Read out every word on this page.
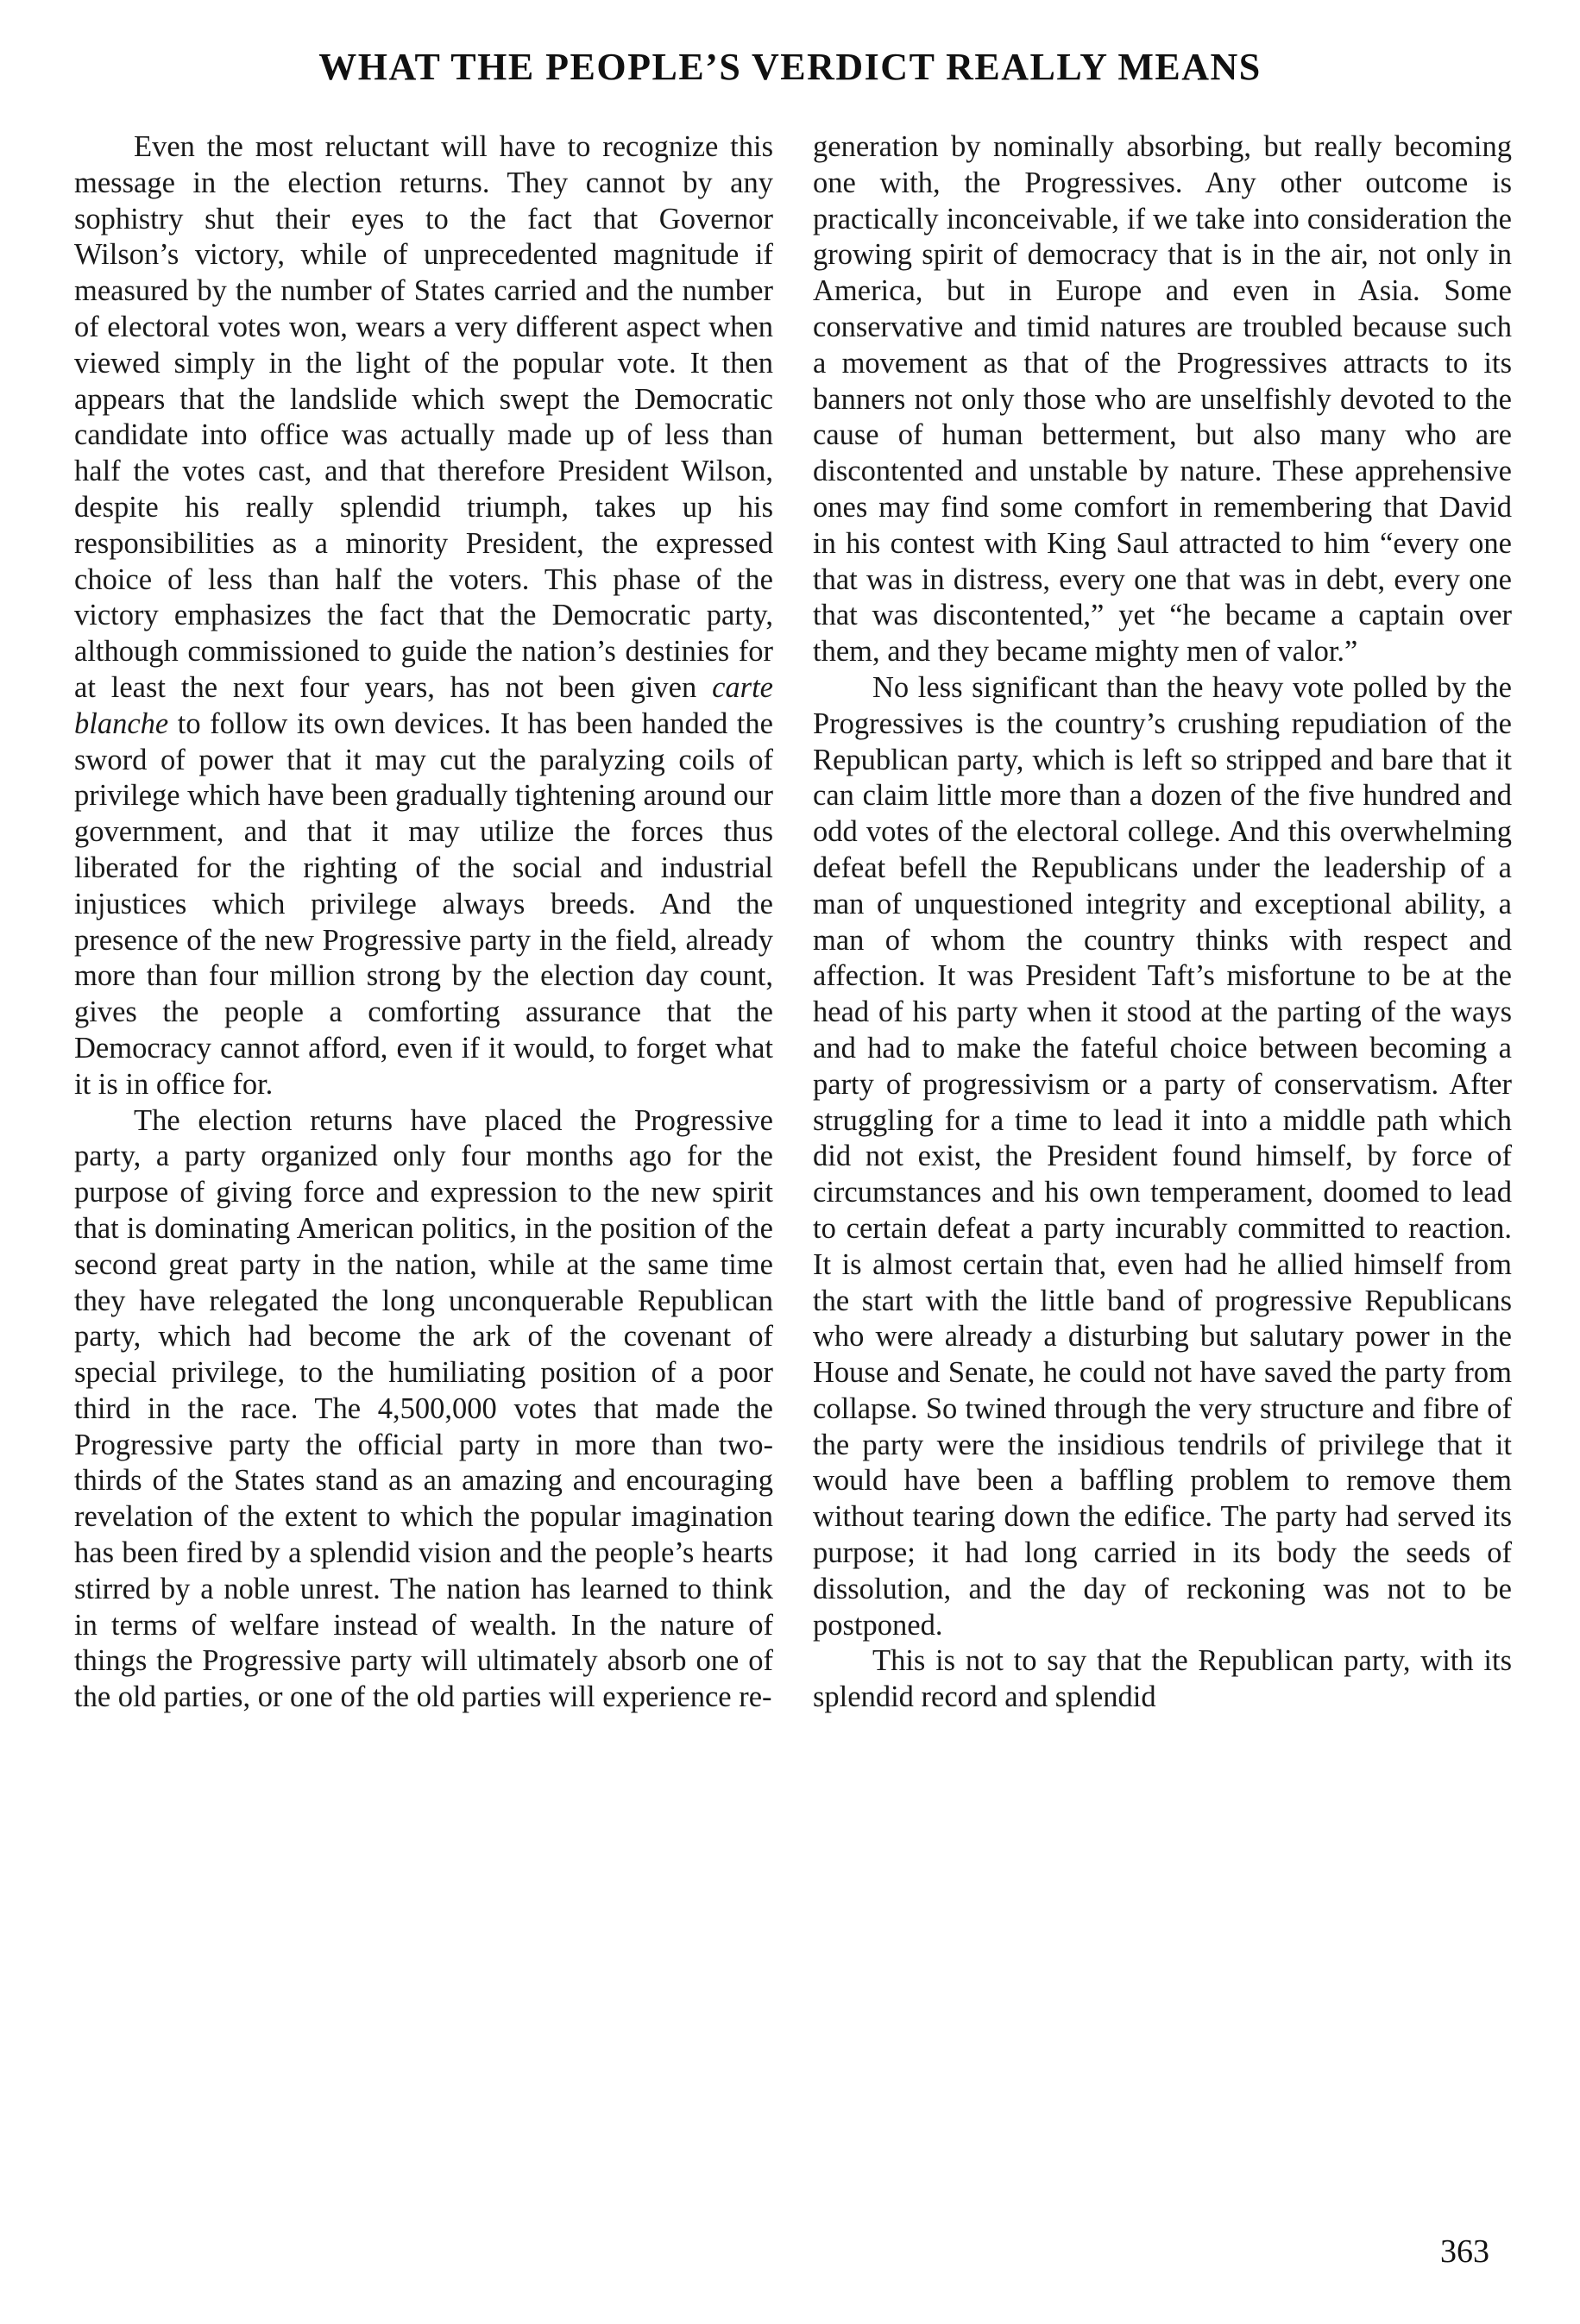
WHAT THE PEOPLE’S VERDICT REALLY MEANS

Even the most reluctant will have to recognize this message in the election returns. They cannot by any sophistry shut their eyes to the fact that Governor Wilson’s victory, while of unprecedented magnitude if measured by the number of States carried and the number of electoral votes won, wears a very different aspect when viewed simply in the light of the popular vote. It then appears that the landslide which swept the Democratic candidate into office was actually made up of less than half the votes cast, and that therefore President Wilson, despite his really splendid triumph, takes up his responsibilities as a minority President, the expressed choice of less than half the voters. This phase of the victory emphasizes the fact that the Democratic party, although commissioned to guide the nation’s destinies for at least the next four years, has not been given carte blanche to follow its own devices. It has been handed the sword of power that it may cut the paralyzing coils of privilege which have been gradually tightening around our government, and that it may utilize the forces thus liberated for the righting of the social and industrial injustices which privilege always breeds. And the presence of the new Progressive party in the field, already more than four million strong by the election day count, gives the people a comforting assurance that the Democracy cannot afford, even if it would, to forget what it is in office for.

The election returns have placed the Progressive party, a party organized only four months ago for the purpose of giving force and expression to the new spirit that is dominating American politics, in the position of the second great party in the nation, while at the same time they have relegated the long unconquerable Republican party, which had become the ark of the covenant of special privilege, to the humiliating position of a poor third in the race. The 4,500,000 votes that made the Progressive party the official party in more than two-thirds of the States stand as an amazing and encouraging revelation of the extent to which the popular imagination has been fired by a splendid vision and the people’s hearts stirred by a noble unrest. The nation has learned to think in terms of welfare instead of wealth. In the nature of things the Progressive party will ultimately absorb one of the old parties, or one of the old parties will experience re-

generation by nominally absorbing, but really becoming one with, the Progressives. Any other outcome is practically inconceivable, if we take into consideration the growing spirit of democracy that is in the air, not only in America, but in Europe and even in Asia. Some conservative and timid natures are troubled because such a movement as that of the Progressives attracts to its banners not only those who are unselfishly devoted to the cause of human betterment, but also many who are discontented and unstable by nature. These apprehensive ones may find some comfort in remembering that David in his contest with King Saul attracted to him “every one that was in distress, every one that was in debt, every one that was discontented,” yet “he became a captain over them, and they became mighty men of valor.”

No less significant than the heavy vote polled by the Progressives is the country’s crushing repudiation of the Republican party, which is left so stripped and bare that it can claim little more than a dozen of the five hundred and odd votes of the electoral college. And this overwhelming defeat befell the Republicans under the leadership of a man of unquestioned integrity and exceptional ability, a man of whom the country thinks with respect and affection. It was President Taft’s misfortune to be at the head of his party when it stood at the parting of the ways and had to make the fateful choice between becoming a party of progressivism or a party of conservatism. After struggling for a time to lead it into a middle path which did not exist, the President found himself, by force of circumstances and his own temperament, doomed to lead to certain defeat a party incurably committed to reaction. It is almost certain that, even had he allied himself from the start with the little band of progressive Republicans who were already a disturbing but salutary power in the House and Senate, he could not have saved the party from collapse. So twined through the very structure and fibre of the party were the insidious tendrils of privilege that it would have been a baffling problem to remove them without tearing down the edifice. The party had served its purpose; it had long carried in its body the seeds of dissolution, and the day of reckoning was not to be postponed.

This is not to say that the Republican party, with its splendid record and splendid

363
